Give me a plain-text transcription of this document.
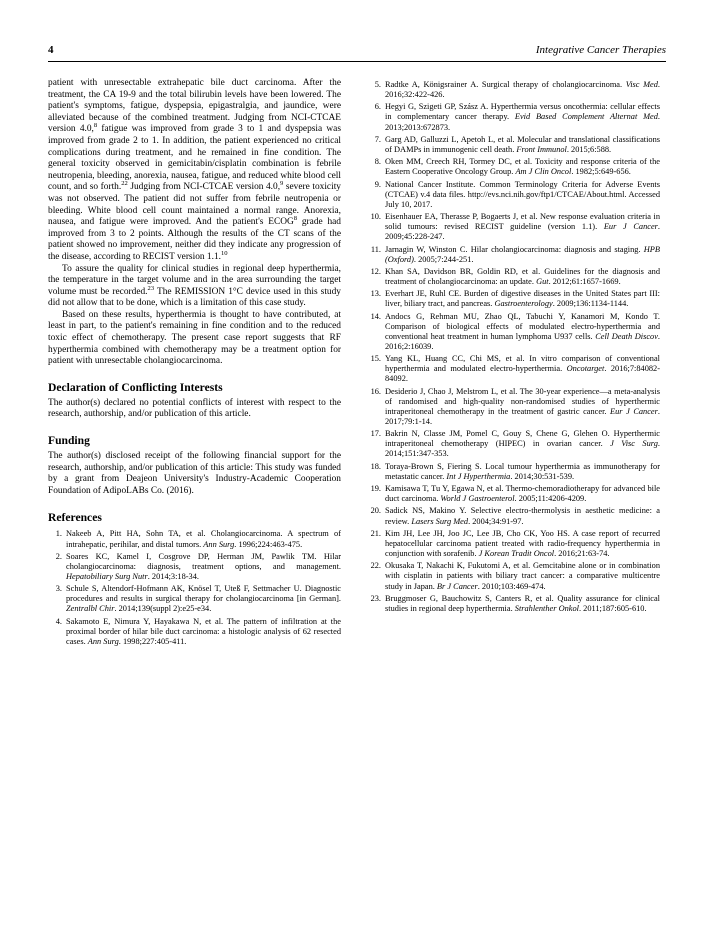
4	Integrative Cancer Therapies

patient with unresectable extrahepatic bile duct carcinoma. After the treatment, the CA 19-9 and the total bilirubin levels have been lowered. The patient's symptoms, fatigue, dyspepsia, epigastralgia, and jaundice, were alleviated because of the combined treatment. Judging from NCI-CTCAE version 4.0,$^8$ fatigue was improved from grade 3 to 1 and dyspepsia was improved from grade 2 to 1. In addition, the patient experienced no critical complications during treatment, and he remained in fine condition. The general toxicity observed in gemicitabin/cisplatin combination is febrile neutropenia, bleeding, anorexia, nausea, fatigue, and reduced white blood cell count, and so forth.$^{22}$ Judging from NCI-CTCAE version 4.0,$^9$ severe toxicity was not observed. The patient did not suffer from febrile neutropenia or bleeding. White blood cell count maintained a normal range. Anorexia, nausea, and fatigue were improved. And the patient's ECOG$^8$ grade had improved from 3 to 2 points. Although the results of the CT scans of the patient showed no improvement, neither did they indicate any progression of the disease, according to RECIST version 1.1.10

To assure the quality for clinical studies in regional deep hyperthermia, the temperature in the target volume and in the area surrounding the target volume must be recorded.$^{23}$ The REMISSION 1°C device used in this study did not allow that to be done, which is a limitation of this case study.

Based on these results, hyperthermia is thought to have contributed, at least in part, to the patient's remaining in fine condition and to the reduced toxic effect of chemotherapy. The present case report suggests that RF hyperthermia combined with chemotherapy may be a treatment option for patient with unresectable cholangiocarcinoma.

Declaration of Conflicting Interests

The author(s) declared no potential conflicts of interest with respect to the research, authorship, and/or publication of this article.

Funding

The author(s) disclosed receipt of the following financial support for the research, authorship, and/or publication of this article: This study was funded by a grant from Deajeon University's Industry-Academic Cooperation Foundation of AdipoLABs Co. (2016).

References
Nakeeb A, Pitt HA, Sohn TA, et al. Cholangiocarcinoma. A spectrum of intrahepatic, perihilar, and distal tumors. Ann Surg. 1996;224:463-475.
Soares KC, Kamel I, Cosgrove DP, Herman JM, Pawlik TM. Hilar cholangiocarcinoma: diagnosis, treatment options, and management. Hepatobiliary Surg Nutr. 2014;3:18-34.
Schule S, Altendorf-Hofmann AK, Knösel T, Uteß F, Settmacher U. Diagnostic procedures and results in surgical therapy for cholangiocarcinoma [in German]. Zentralbl Chir. 2014;139(suppl 2):e25-e34.
Sakamoto E, Nimura Y, Hayakawa N, et al. The pattern of infiltration at the proximal border of hilar bile duct carcinoma: a histologic analysis of 62 resected cases. Ann Surg. 1998;227:405-411.
Radtke A, Königsrainer A. Surgical therapy of cholangiocarcinoma. Visc Med. 2016;32:422-426.
Hegyi G, Szigeti GP, Szász A. Hyperthermia versus oncothermia: cellular effects in complementary cancer therapy. Evid Based Complement Alternat Med. 2013;2013:672873.
Garg AD, Galluzzi L, Apetoh L, et al. Molecular and translational classifications of DAMPs in immunogenic cell death. Front Immunol. 2015;6:588.
Oken MM, Creech RH, Tormey DC, et al. Toxicity and response criteria of the Eastern Cooperative Oncology Group. Am J Clin Oncol. 1982;5:649-656.
National Cancer Institute. Common Terminology Criteria for Adverse Events (CTCAE) v.4 data files. http://evs.nci.nih.gov/ftp1/CTCAE/About.html. Accessed July 10, 2017.
Eisenhauer EA, Therasse P, Bogaerts J, et al. New response evaluation criteria in solid tumours: revised RECIST guideline (version 1.1). Eur J Cancer. 2009;45:228-247.
Jarnagin W, Winston C. Hilar cholangiocarcinoma: diagnosis and staging. HPB (Oxford). 2005;7:244-251.
Khan SA, Davidson BR, Goldin RD, et al. Guidelines for the diagnosis and treatment of cholangiocarcinoma: an update. Gut. 2012;61:1657-1669.
Everhart JE, Ruhl CE. Burden of digestive diseases in the United States part III: liver, biliary tract, and pancreas. Gastroenterology. 2009;136:1134-1144.
Andocs G, Rehman MU, Zhao QL, Tabuchi Y, Kanamori M, Kondo T. Comparison of biological effects of modulated electro-hyperthermia and conventional heat treatment in human lymphoma U937 cells. Cell Death Discov. 2016;2:16039.
Yang KL, Huang CC, Chi MS, et al. In vitro comparison of conventional hyperthermia and modulated electro-hyperthermia. Oncotarget. 2016;7:84082-84092.
Desiderio J, Chao J, Melstrom L, et al. The 30-year experience—a meta-analysis of randomised and high-quality non-randomised studies of hyperthermic intraperitoneal chemotherapy in the treatment of gastric cancer. Eur J Cancer. 2017;79:1-14.
Bakrin N, Classe JM, Pomel C, Gouy S, Chene G, Glehen O. Hyperthermic intraperitoneal chemotherapy (HIPEC) in ovarian cancer. J Visc Surg. 2014;151:347-353.
Toraya-Brown S, Fiering S. Local tumour hyperthermia as immunotherapy for metastatic cancer. Int J Hyperthermia. 2014;30:531-539.
Kamisawa T, Tu Y, Egawa N, et al. Thermo-chemoradiotherapy for advanced bile duct carcinoma. World J Gastroenterol. 2005;11:4206-4209.
Sadick NS, Makino Y. Selective electro-thermolysis in aesthetic medicine: a review. Lasers Surg Med. 2004;34:91-97.
Kim JH, Lee JH, Joo JC, Lee JB, Cho CK, Yoo HS. A case report of recurred hepatocellular carcinoma patient treated with radio-frequency hyperthermia in conjunction with sorafenib. J Korean Tradit Oncol. 2016;21:63-74.
Okusaka T, Nakachi K, Fukutomi A, et al. Gemcitabine alone or in combination with cisplatin in patients with biliary tract cancer: a comparative multicentre study in Japan. Br J Cancer. 2010;103:469-474.
Bruggmoser G, Bauchowitz S, Canters R, et al. Quality assurance for clinical studies in regional deep hyperthermia. Strahlenther Onkol. 2011;187:605-610.
